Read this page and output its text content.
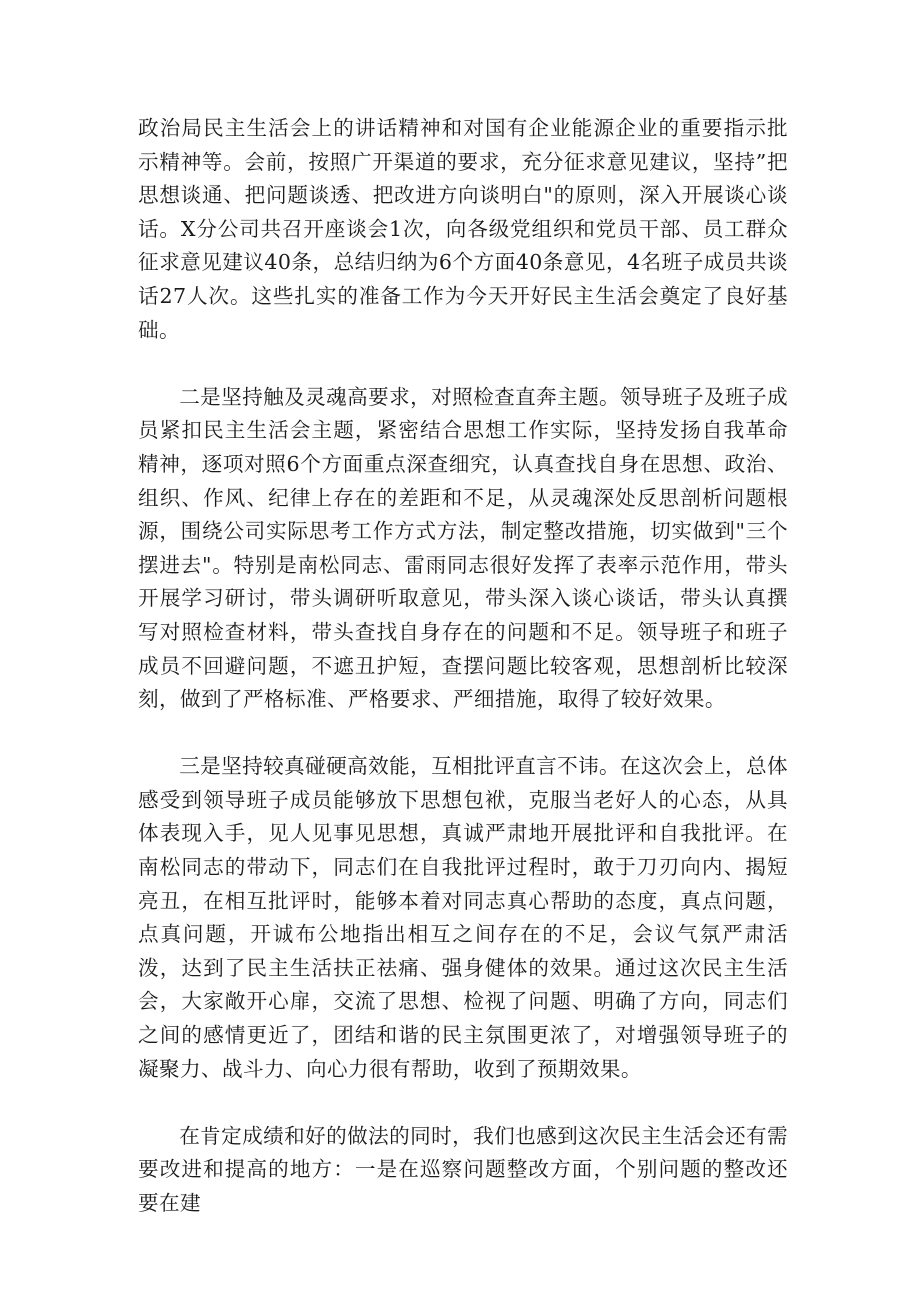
政治局民主生活会上的讲话精神和对国有企业能源企业的重要指示批示精神等。会前，按照广开渠道的要求，充分征求意见建议，坚持”把思想谈通、把问题谈透、把改进方向谈明白"的原则，深入开展谈心谈话。X分公司共召开座谈会1次，向各级党组织和党员干部、员工群众征求意见建议40条，总结归纳为6个方面40条意见，4名班子成员共谈话27人次。这些扎实的准备工作为今天开好民主生活会奠定了良好基础。

二是坚持触及灵魂高要求，对照检查直奔主题。领导班子及班子成员紧扣民主生活会主题，紧密结合思想工作实际，坚持发扬自我革命精神，逐项对照6个方面重点深查细究，认真查找自身在思想、政治、组织、作风、纪律上存在的差距和不足，从灵魂深处反思剖析问题根源，围绕公司实际思考工作方式方法，制定整改措施，切实做到"三个摆进去"。特别是南松同志、雷雨同志很好发挥了表率示范作用，带头开展学习研讨，带头调研听取意见，带头深入谈心谈话，带头认真撰写对照检查材料，带头查找自身存在的问题和不足。领导班子和班子成员不回避问题，不遮丑护短，查摆问题比较客观，思想剖析比较深刻，做到了严格标准、严格要求、严细措施，取得了较好效果。

三是坚持较真碰硬高效能，互相批评直言不讳。在这次会上，总体感受到领导班子成员能够放下思想包袱，克服当老好人的心态，从具体表现入手，见人见事见思想，真诚严肃地开展批评和自我批评。在南松同志的带动下，同志们在自我批评过程时，敢于刀刃向内、揭短亮丑，在相互批评时，能够本着对同志真心帮助的态度，真点问题，点真问题，开诚布公地指出相互之间存在的不足，会议气氛严肃活泼，达到了民主生活扶正祛痛、强身健体的效果。通过这次民主生活会，大家敞开心扉，交流了思想、检视了问题、明确了方向，同志们之间的感情更近了，团结和谐的民主氛围更浓了，对增强领导班子的凝聚力、战斗力、向心力很有帮助，收到了预期效果。

在肯定成绩和好的做法的同时，我们也感到这次民主生活会还有需要改进和提高的地方：一是在巡察问题整改方面，个别问题的整改还要在建
